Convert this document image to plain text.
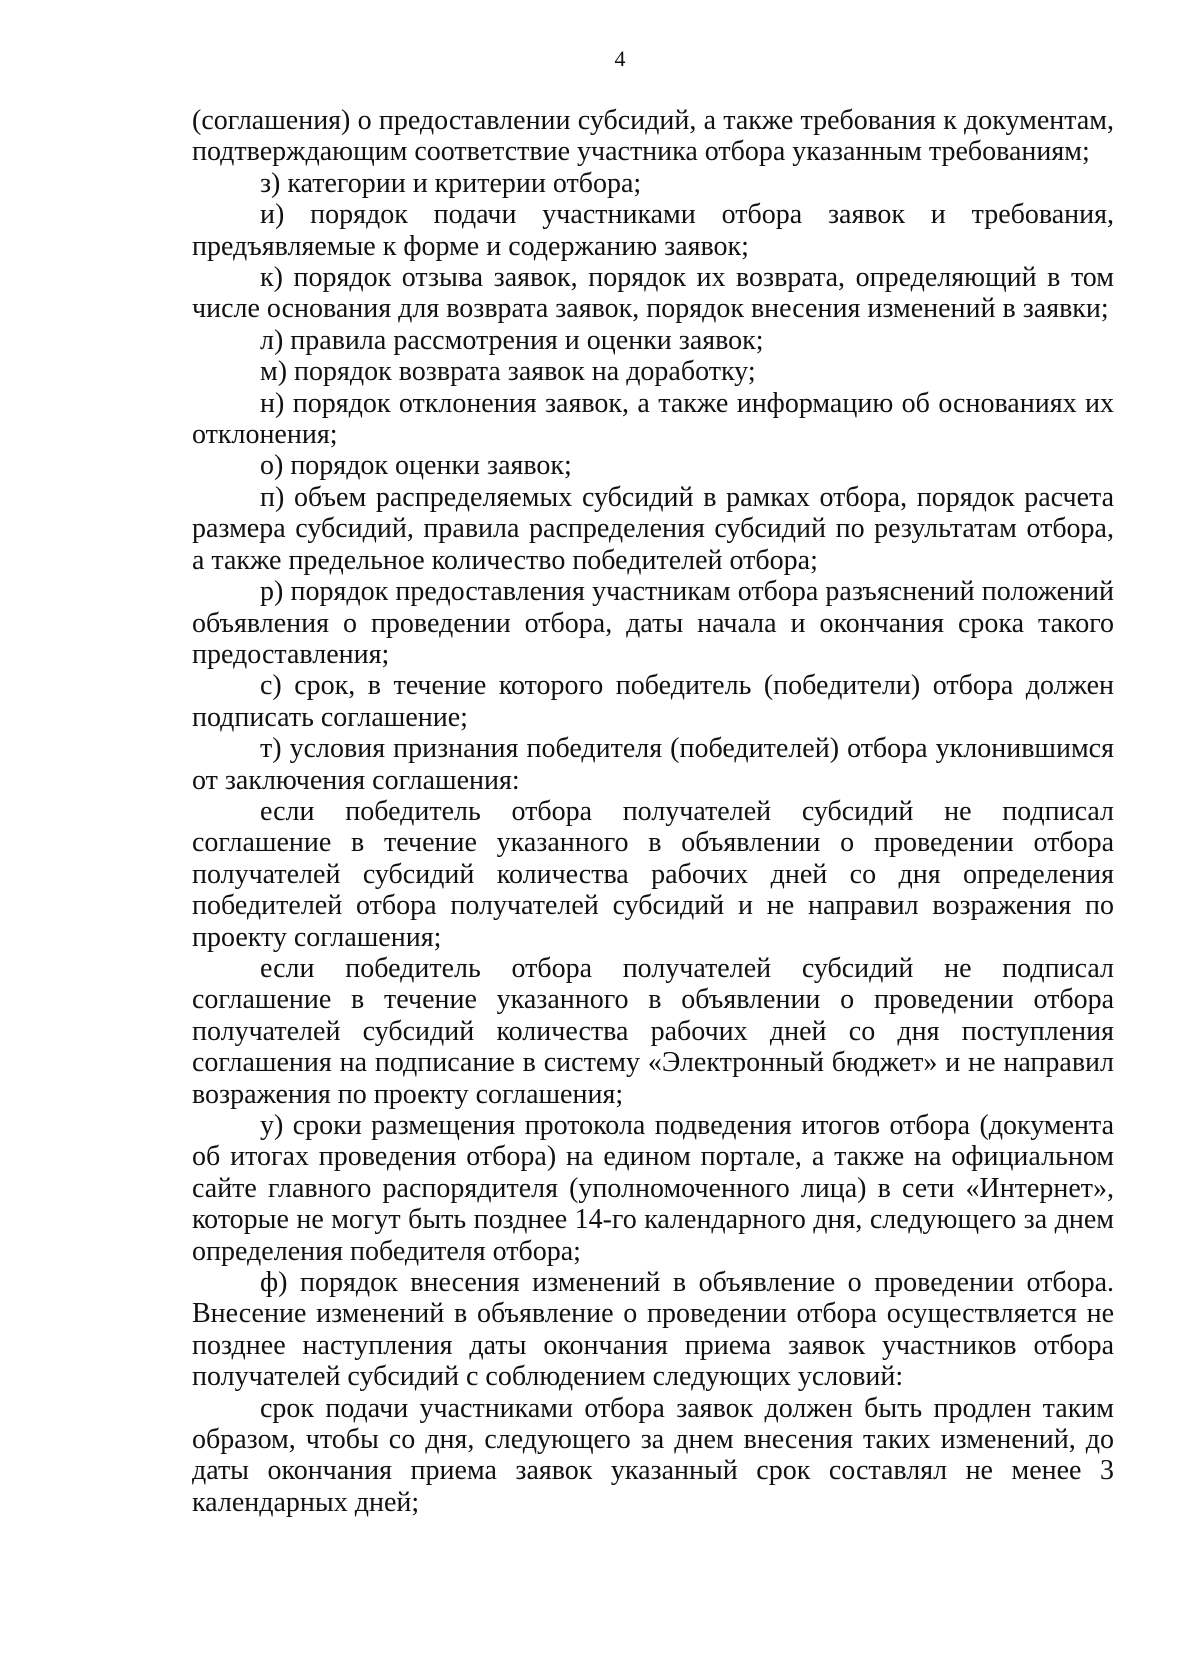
4

(соглашения) о предоставлении субсидий, а также требования к документам, подтверждающим соответствие участника отбора указанным требованиям;

з) категории и критерии отбора;

и) порядок подачи участниками отбора заявок и требования, предъявляемые к форме и содержанию заявок;

к) порядок отзыва заявок, порядок их возврата, определяющий в том числе основания для возврата заявок, порядок внесения изменений в заявки;

л) правила рассмотрения и оценки заявок;

м) порядок возврата заявок на доработку;

н) порядок отклонения заявок, а также информацию об основаниях их отклонения;

о) порядок оценки заявок;

п) объем распределяемых субсидий в рамках отбора, порядок расчета размера субсидий, правила распределения субсидий по результатам отбора, а также предельное количество победителей отбора;

р) порядок предоставления участникам отбора разъяснений положений объявления о проведении отбора, даты начала и окончания срока такого предоставления;

с) срок, в течение которого победитель (победители) отбора должен подписать соглашение;

т) условия признания победителя (победителей) отбора уклонившимся от заключения соглашения:

если победитель отбора получателей субсидий не подписал соглашение в течение указанного в объявлении о проведении отбора получателей субсидий количества рабочих дней со дня определения победителей отбора получателей субсидий и не направил возражения по проекту соглашения;

если победитель отбора получателей субсидий не подписал соглашение в течение указанного в объявлении о проведении отбора получателей субсидий количества рабочих дней со дня поступления соглашения на подписание в систему «Электронный бюджет» и не направил возражения по проекту соглашения;

у) сроки размещения протокола подведения итогов отбора (документа об итогах проведения отбора) на едином портале, а также на официальном сайте главного распорядителя (уполномоченного лица) в сети «Интернет», которые не могут быть позднее 14-го календарного дня, следующего за днем определения победителя отбора;

ф) порядок внесения изменений в объявление о проведении отбора. Внесение изменений в объявление о проведении отбора осуществляется не позднее наступления даты окончания приема заявок участников отбора получателей субсидий с соблюдением следующих условий:

срок подачи участниками отбора заявок должен быть продлен таким образом, чтобы со дня, следующего за днем внесения таких изменений, до даты окончания приема заявок указанный срок составлял не менее 3 календарных дней;
